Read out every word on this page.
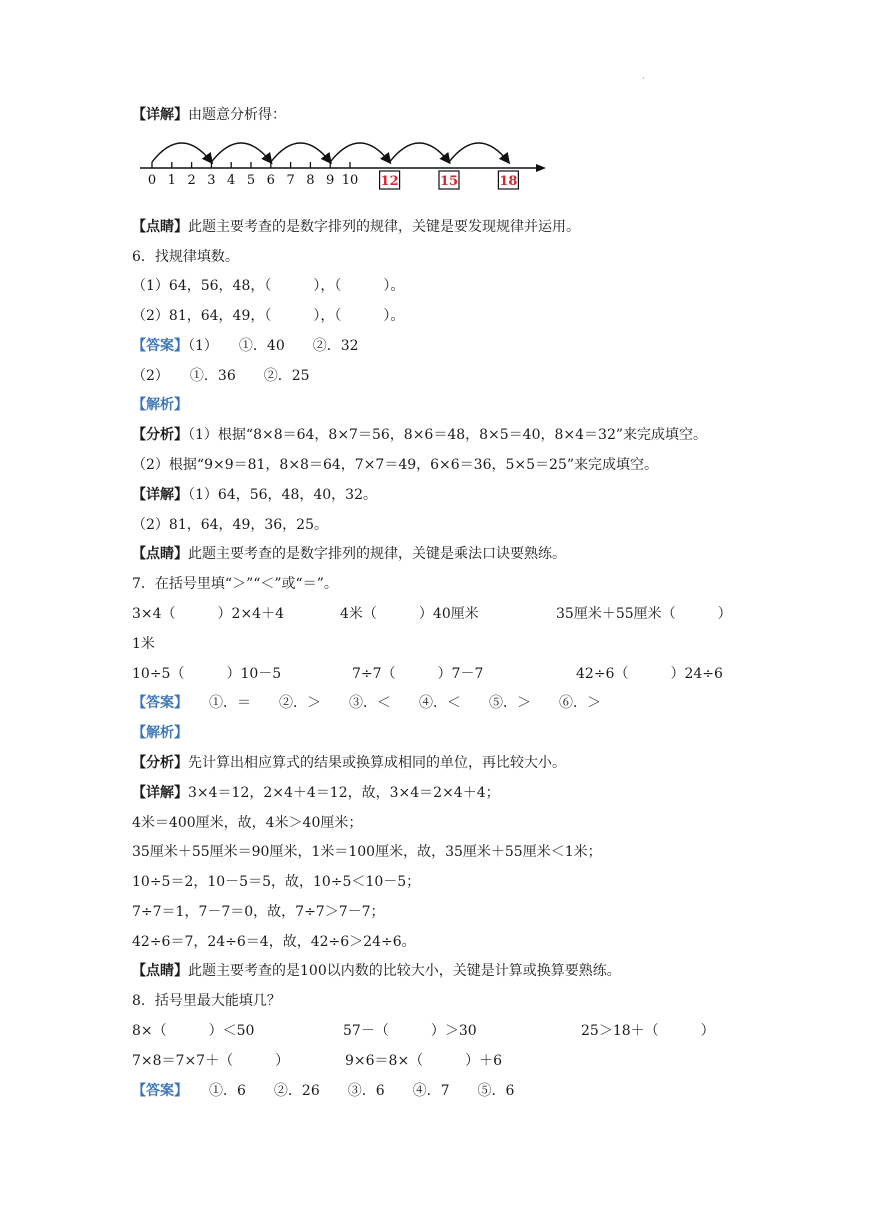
·
【详解】由题意分析得：
0 1 2 3 4 5 6 7 8 9 10 12	15	18
【点睛】此题主要考查的是数字排列的规律，关键是要发现规律并运用。
6．找规律填数。
（1）64，56，48，（　　　），（　　　）。
（2）81，64，49，（　　　），（　　　）。
【答案】（1）　　①．40　　②．32
（2）　　①．36　　②．25
【解析】
【分析】（1）根据“8×8＝64，8×7＝56，8×6＝48，8×5＝40，8×4＝32”来完成填空。
（2）根据“9×9＝81，8×8＝64，7×7＝49，6×6＝36，5×5＝25”来完成填空。
【详解】（1）64，56，48，40，32。
（2）81，64，49，36，25。
【点睛】此题主要考查的是数字排列的规律，关键是乘法口诀要熟练。
7．在括号里填“＞”“＜”或“＝”。
3×4（　　　）2×4＋4	4米（　　　）40厘米	35厘米＋55厘米（　　　）
1米
10÷5（　　　）10－5	7÷7（　　　）7－7	42÷6（　　　）24÷6
【答案】　　①．＝　　②．＞　　③．＜　　④．＜　　⑤．＞　　⑥．＞
【解析】
【分析】先计算出相应算式的结果或换算成相同的单位，再比较大小。
【详解】3×4＝12，2×4＋4＝12，故，3×4＝2×4＋4；
4米＝400厘米，故，4米＞40厘米；
35厘米＋55厘米＝90厘米，1米＝100厘米，故，35厘米＋55厘米＜1米；
10÷5＝2，10－5＝5，故，10÷5＜10－5；
7÷7＝1，7－7＝0，故，7÷7＞7－7；
42÷6＝7，24÷6＝4，故，42÷6＞24÷6。
【点睛】此题主要考查的是100以内数的比较大小，关键是计算或换算要熟练。
8．括号里最大能填几？
8×（　　　）＜50	57－（　　　）＞30	25＞18＋（　　　）
7×8＝7×7＋（　　　）	9×6＝8×（　　　）＋6
【答案】　　①．6　　②．26　　③．6　　④．7　　⑤．6
